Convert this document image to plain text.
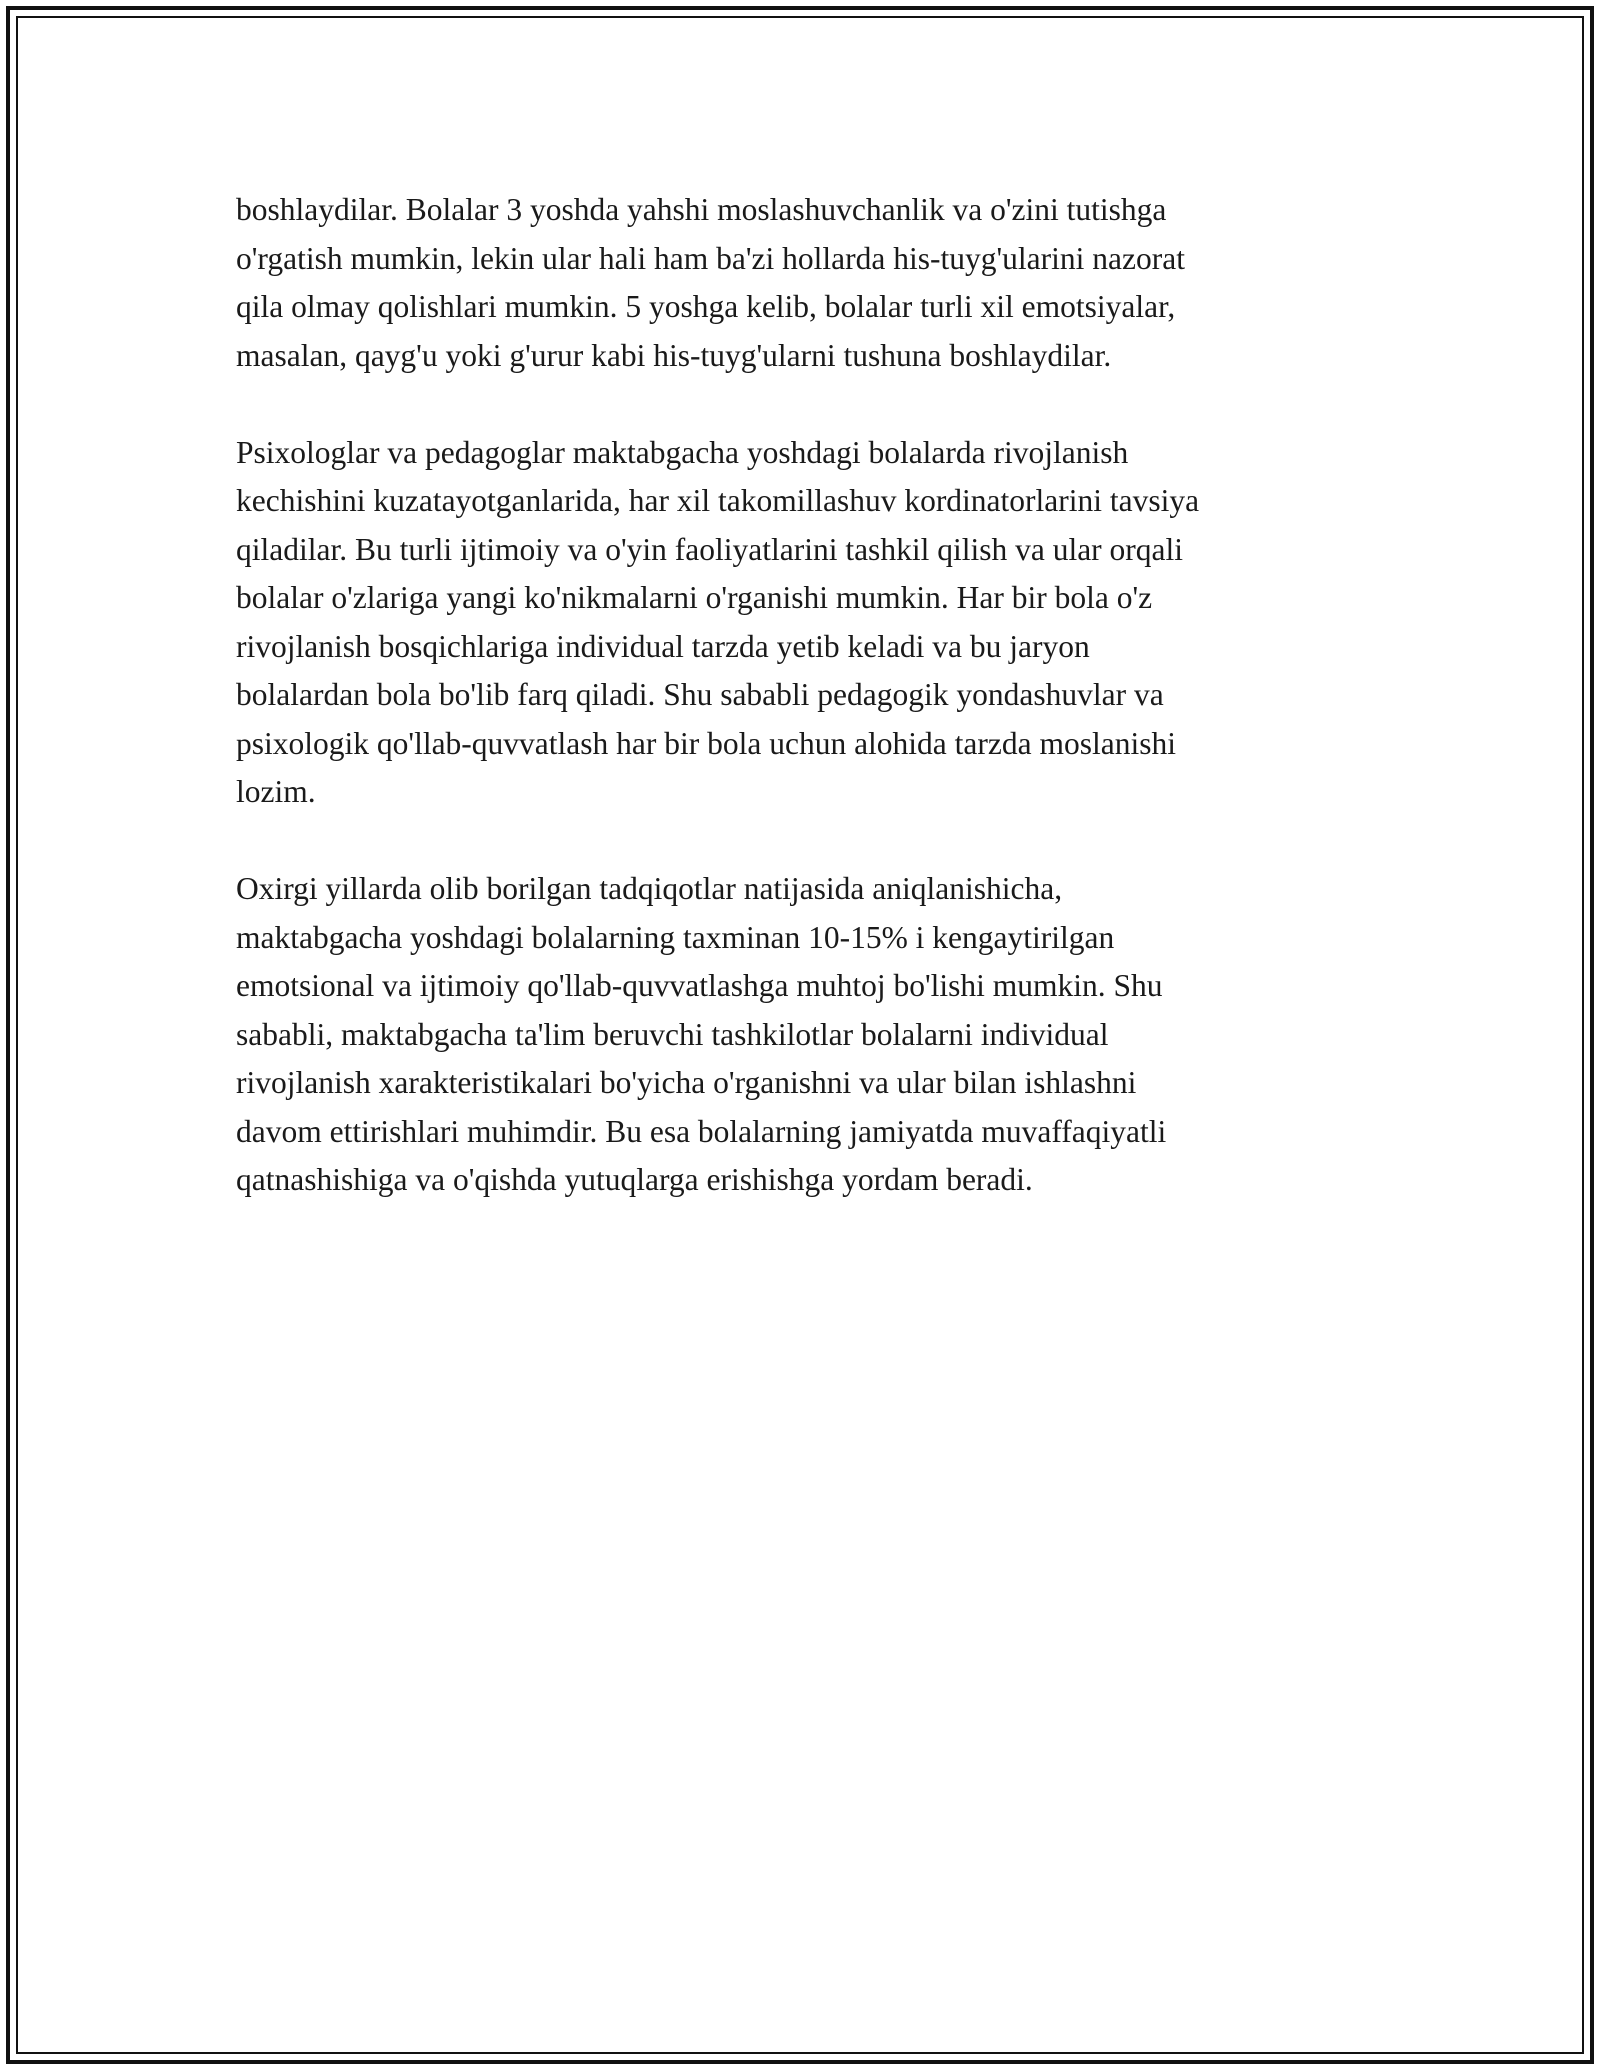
boshlaydilar. Bolalar 3 yoshda yahshi moslashuvchanlik va o'zini tutishga
o'rgatish mumkin, lekin ular hali ham ba'zi hollarda his-tuyg'ularini nazorat
qila olmay qolishlari mumkin. 5 yoshga kelib, bolalar turli xil emotsiyalar,
masalan, qayg'u yoki g'urur kabi his-tuyg'ularni tushuna boshlaydilar.

Psixologlar va pedagoglar maktabgacha yoshdagi bolalarda rivojlanish
kechishini kuzatayotganlarida, har xil takomillashuv kordinatorlarini tavsiya
qiladilar. Bu turli ijtimoiy va o'yin faoliyatlarini tashkil qilish va ular orqali
bolalar o'zlariga yangi ko'nikmalarni o'rganishi mumkin. Har bir bola o'z
rivojlanish bosqichlariga individual tarzda yetib keladi va bu jaryon
bolalardan bola bo'lib farq qiladi. Shu sababli pedagogik yondashuvlar va
psixologik qo'llab-quvvatlash har bir bola uchun alohida tarzda moslanishi
lozim.

Oxirgi yillarda olib borilgan tadqiqotlar natijasida aniqlanishicha,
maktabgacha yoshdagi bolalarning taxminan 10-15% i kengaytirilgan
emotsional va ijtimoiy qo'llab-quvvatlashga muhtoj bo'lishi mumkin. Shu
sababli, maktabgacha ta'lim beruvchi tashkilotlar bolalarni individual
rivojlanish xarakteristikalari bo'yicha o'rganishni va ular bilan ishlashni
davom ettirishlari muhimdir. Bu esa bolalarning jamiyatda muvaffaqiyatli
qatnashishiga va o'qishda yutuqlarga erishishga yordam beradi.
